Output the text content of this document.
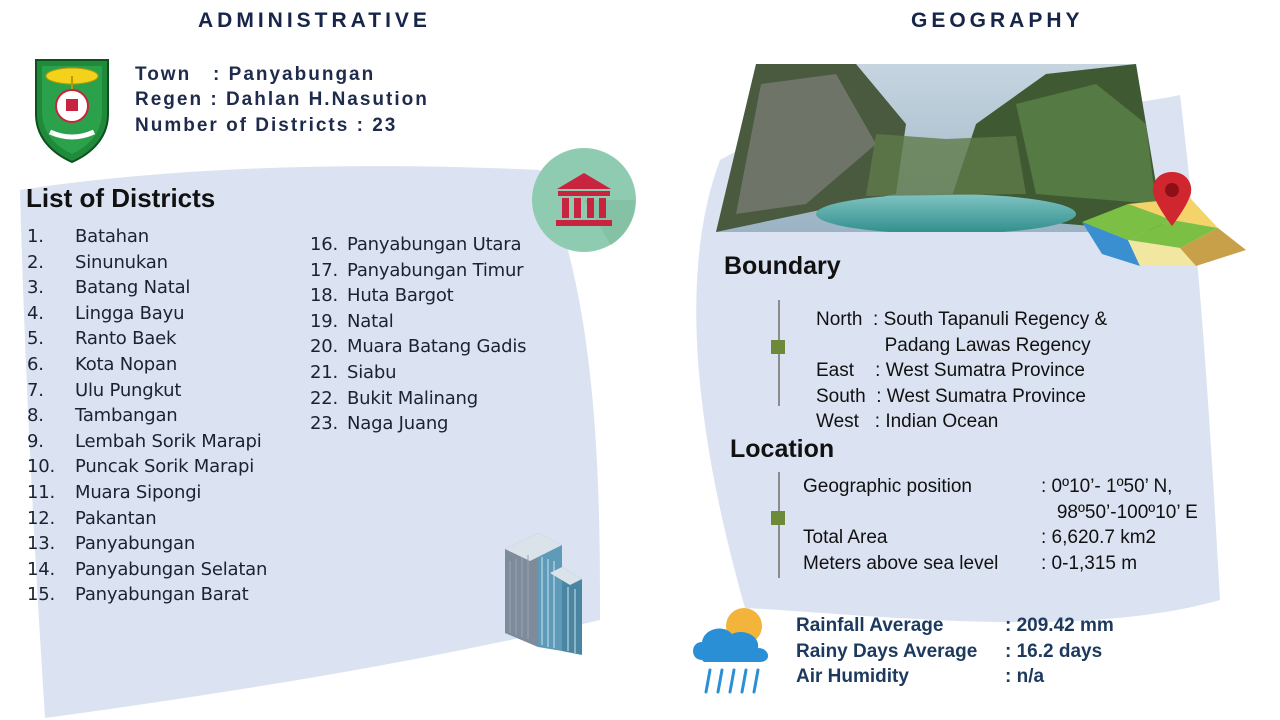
ADMINISTRATIVE
Town   : Panyabungan
Regen : Dahlan H.Nasution
Number of Districts : 23
List of Districts
1. Batahan
2. Sinunukan
3. Batang Natal
4. Lingga Bayu
5. Ranto Baek
6. Kota Nopan
7. Ulu Pungkut
8. Tambangan
9. Lembah Sorik Marapi
10. Puncak Sorik Marapi
11. Muara Sipongi
12. Pakantan
13. Panyabungan
14. Panyabungan Selatan
15. Panyabungan Barat
16. Panyabungan Utara
17. Panyabungan Timur
18. Huta Bargot
19. Natal
20. Muara Batang Gadis
21. Siabu
22. Bukit Malinang
23. Naga Juang
GEOGRAPHY
Boundary
North  : South Tapanuli Regency &
Padang Lawas Regency
East    : West Sumatra Province
South  : West Sumatra Province
West   : Indian Ocean
Location
Geographic position	: 0º10’- 1º50’ N,
98º50’-100º10’ E
Total Area	: 6,620.7 km2
Meters above sea level : 0-1,315 m
Rainfall Average	: 209.42 mm
Rainy Days Average : 16.2 days
Air Humidity	: n/a
